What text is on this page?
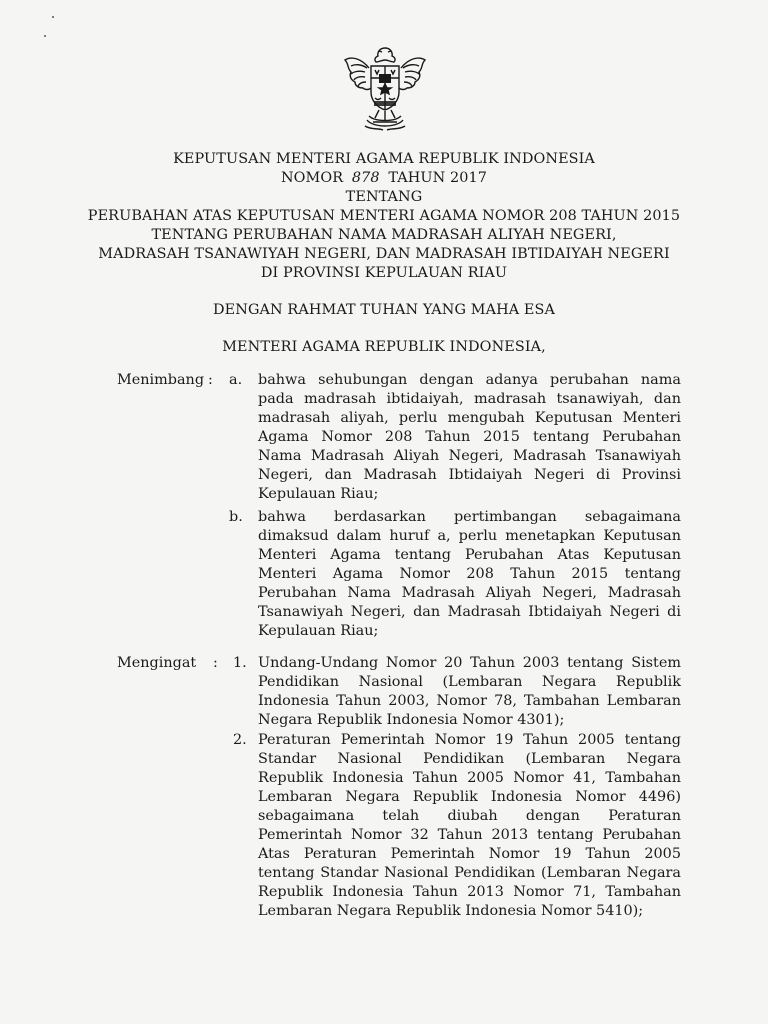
KEPUTUSAN MENTERI AGAMA REPUBLIK INDONESIA
NOMOR 878 TAHUN 2017
TENTANG
PERUBAHAN ATAS KEPUTUSAN MENTERI AGAMA NOMOR 208 TAHUN 2015
TENTANG PERUBAHAN NAMA MADRASAH ALIYAH NEGERI,
MADRASAH TSANAWIYAH NEGERI, DAN MADRASAH IBTIDAIYAH NEGERI
DI PROVINSI KEPULAUAN RIAU
DENGAN RAHMAT TUHAN YANG MAHA ESA
MENTERI AGAMA REPUBLIK INDONESIA,
Menimbang : a. bahwa sehubungan dengan adanya perubahan nama
pada madrasah ibtidaiyah, madrasah tsanawiyah, dan
madrasah aliyah, perlu mengubah Keputusan Menteri
Agama Nomor 208 Tahun 2015 tentang Perubahan
Nama Madrasah Aliyah Negeri, Madrasah Tsanawiyah
Negeri, dan Madrasah Ibtidaiyah Negeri di Provinsi
Kepulauan Riau;
b. bahwa berdasarkan pertimbangan sebagaimana
dimaksud dalam huruf a, perlu menetapkan Keputusan
Menteri Agama tentang Perubahan Atas Keputusan
Menteri Agama Nomor 208 Tahun 2015 tentang
Perubahan Nama Madrasah Aliyah Negeri, Madrasah
Tsanawiyah Negeri, dan Madrasah Ibtidaiyah Negeri di
Kepulauan Riau;
Mengingat : 1. Undang-Undang Nomor 20 Tahun 2003 tentang Sistem
Pendidikan Nasional (Lembaran Negara Republik
Indonesia Tahun 2003, Nomor 78, Tambahan Lembaran
Negara Republik Indonesia Nomor 4301);
2. Peraturan Pemerintah Nomor 19 Tahun 2005 tentang
Standar Nasional Pendidikan (Lembaran Negara
Republik Indonesia Tahun 2005 Nomor 41, Tambahan
Lembaran Negara Republik Indonesia Nomor 4496)
sebagaimana telah diubah dengan Peraturan
Pemerintah Nomor 32 Tahun 2013 tentang Perubahan
Atas Peraturan Pemerintah Nomor 19 Tahun 2005
tentang Standar Nasional Pendidikan (Lembaran Negara
Republik Indonesia Tahun 2013 Nomor 71, Tambahan
Lembaran Negara Republik Indonesia Nomor 5410);
